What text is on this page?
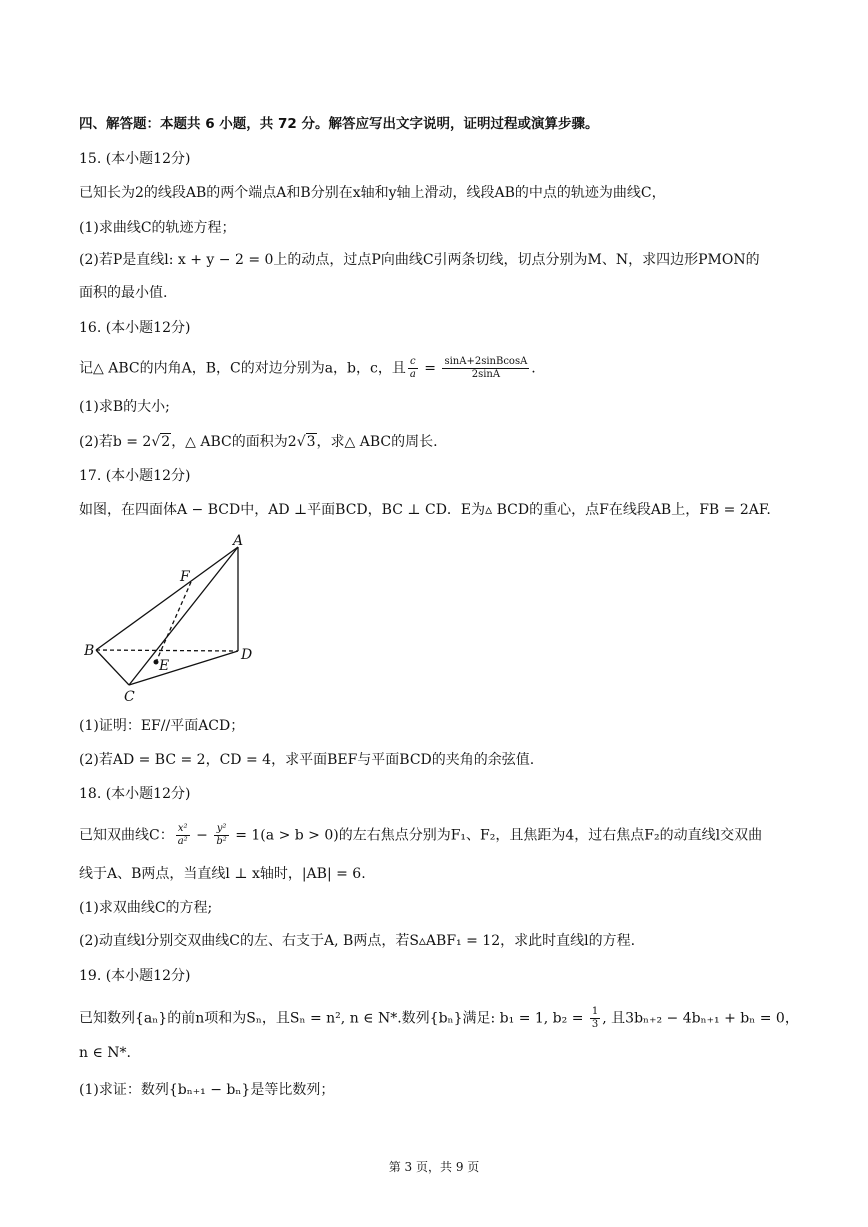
四、解答题：本题共 6 小题，共 72 分。解答应写出文字说明，证明过程或演算步骤。
15. (本小题12分)
已知长为2的线段AB的两个端点A和B分别在x轴和y轴上滑动，线段AB的中点的轨迹为曲线C，
(1)求曲线C的轨迹方程；
(2)若P是直线l: x + y − 2 = 0上的动点，过点P向曲线C引两条切线，切点分别为M、N，求四边形PMON的
面积的最小值.
16. (本小题12分)
记△ ABC的内角A，B，C的对边分别为a，b，c，且 $\frac{c}{a} = \frac{\text{sinA+2sinBcosA}}{2\sin A}$ .
(1)求B的大小;
(2)若b = 2√2，△ ABC的面积为2√3，求△ ABC的周长.
17. (本小题12分)
如图，在四面体A − BCD中，AD ⊥平面BCD，BC ⊥ CD．E为▵ BCD的重心，点F在线段AB上，FB = 2AF.
A
B
C
D
E
F
(1)证明：EF//平面ACD；
(2)若AD = BC = 2，CD = 4，求平面BEF与平面BCD的夹角的余弦值.
18. (本小题12分)
已知双曲线C： $\frac{\text{x²}}{\text{a²}} - \frac{\text{y²}}{\text{b²}} = 1(a > b > 0)$的左右焦点分别为F₁、F₂，且焦距为4，过右焦点F₂的动直线l交双曲
线于A、B两点，当直线l ⊥ x轴时，|AB| = 6.
(1)求双曲线C的方程;
(2)动直线l分别交双曲线C的左、右支于A, B两点，若S▵ABF₁ = 12，求此时直线l的方程.
19. (本小题12分)
已知数列{aₙ}的前n项和为Sₙ，且Sₙ = n², n ∈ N*.数列{bₙ}满足: b₁ = 1, $b_2 = \frac{1}{3}$ , 且3bₙ₊₂ − 4bₙ₊₁ + bₙ = 0，
n ∈ N*.
(1)求证：数列{bₙ₊₁ − bₙ}是等比数列；
第 3 页，共 9 页
